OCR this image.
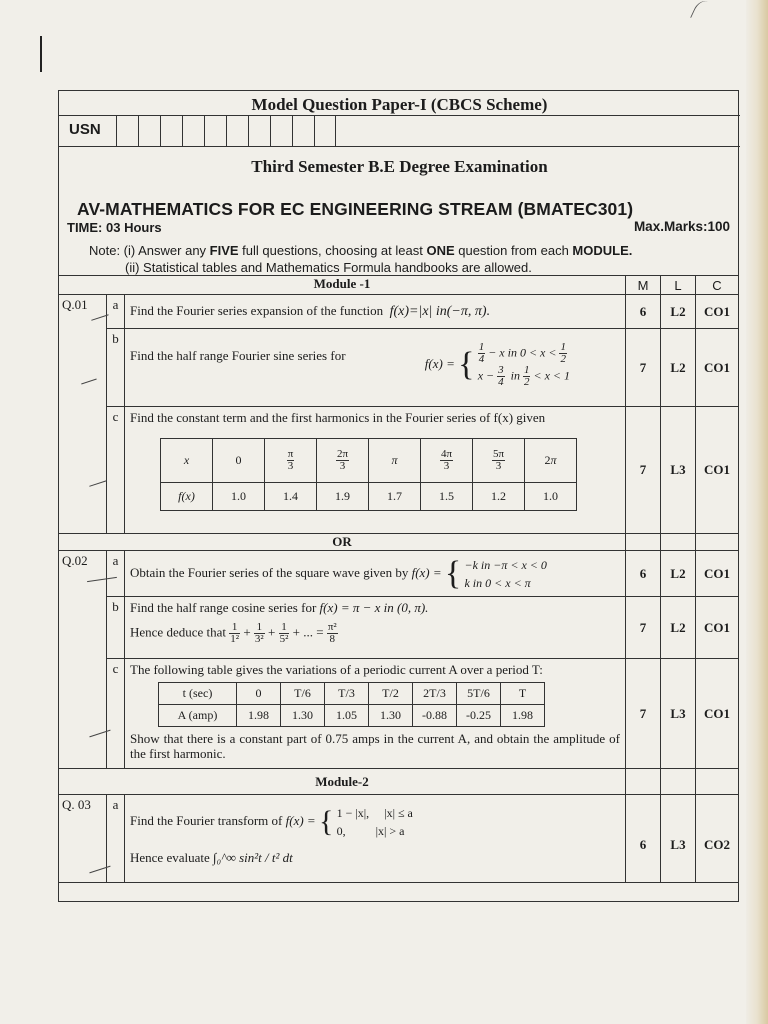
Model Question Paper-I (CBCS Scheme)
USN
Third Semester B.E Degree Examination
AV-MATHEMATICS FOR EC ENGINEERING STREAM (BMATEC301)
TIME: 03 Hours	Max.Marks:100
Note: (i) Answer any FIVE full questions, choosing at least ONE question from each MODULE.
(ii) Statistical tables and Mathematics Formula handbooks are allowed.
Module -1	M	L	C
Q.01	a	Find the Fourier series expansion of the function f(x)=|x| in(−π, π).	6	L2	CO1
b	Find the half range Fourier sine series for
f(x) = { $\frac{1}{4} - x$ in $0 < x < \frac{1}{2}$

$x - \frac{3}{4}$ in $\frac{1}{2} < x < 1$
	7	L2	CO1
c	Find the constant term and the first harmonics in the Fourier series of f(x) given
x	0	$\frac{\pi}{3}$	$\frac{2\pi}{3}$	π	$\frac{4\pi}{3}$	$\frac{5\pi}{3}$	2π
f(x)	1.0	1.4	1.9	1.7	1.5	1.2	1.0
	7	L3	CO1
OR			
Q.02	a	Obtain the Fourier series of the square wave given by f(x) = { −k in −π < x < 0
k in 0 < x < π	6	L2	CO1
b	Find the half range cosine series for f(x) = π − x in (0, π).
Hence deduce that $\frac{1}{\text{1²}} + \frac{1}{\text{3²}} + \frac{1}{\text{5²}}$ + ... = $\frac{\text{π²}}{8}$	7	L2	CO1
c	The following table gives the variations of a periodic current A over a period T:
t (sec)	0	T/6	T/3	T/2	2T/3	5T/6	T
A (amp)	1.98	1.30	1.05	1.30	-0.88	-0.25	1.98
Show that there is a constant part of 0.75 amps in the current A, and obtain the amplitude of the first harmonic.
	7	L3	CO1
Module-2			
Q. 03	a	
Find the Fourier transform of f(x) = { 1 − |x|,     |x| ≤ a
0,          |x| > a
Hence evaluate ∫₀^∞ sin²t / t² dt
	6	L3	CO2
